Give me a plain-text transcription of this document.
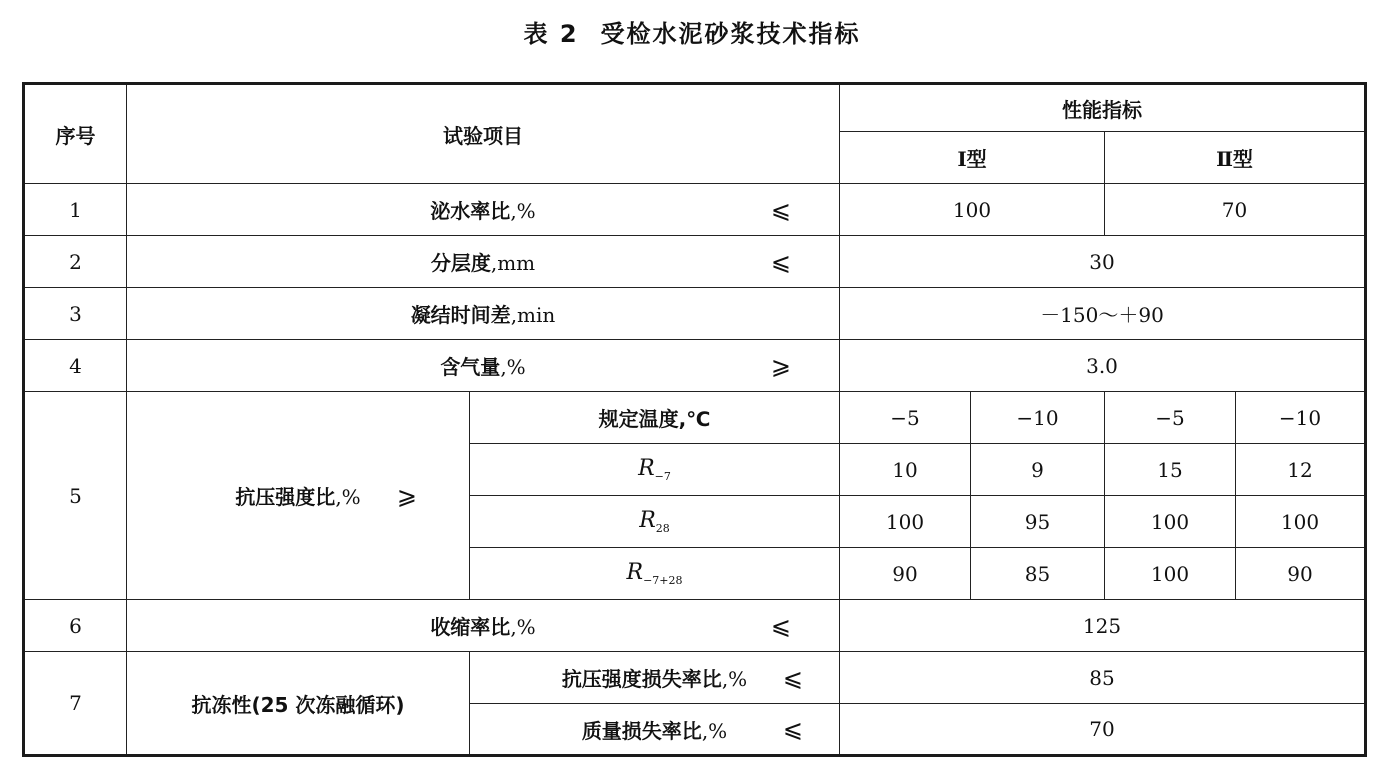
表 2 受检水泥砂浆技术指标
序号	试验项目		性能指标			
			Ⅰ型		Ⅱ型	
1	泌水率比,% ⩽		100		70	
2	分层度,mm ⩽		30			
3	凝结时间差,min		－150～＋90			
4	含气量,% ⩾		3.0			
5	抗压强度比,% ⩾	规定温度,℃	−5	−10	−5	−10
		$R_{-7}$	10	9	15	12
		$R_{28}$	100	95	100	100
		$R_{-7+28}$	90	85	100	90
6	收缩率比,% ⩽		125			
7	抗冻性(25 次冻融循环)	抗压强度损失率比,% ⩽	85			
		质量损失率比,% ⩽	70			
